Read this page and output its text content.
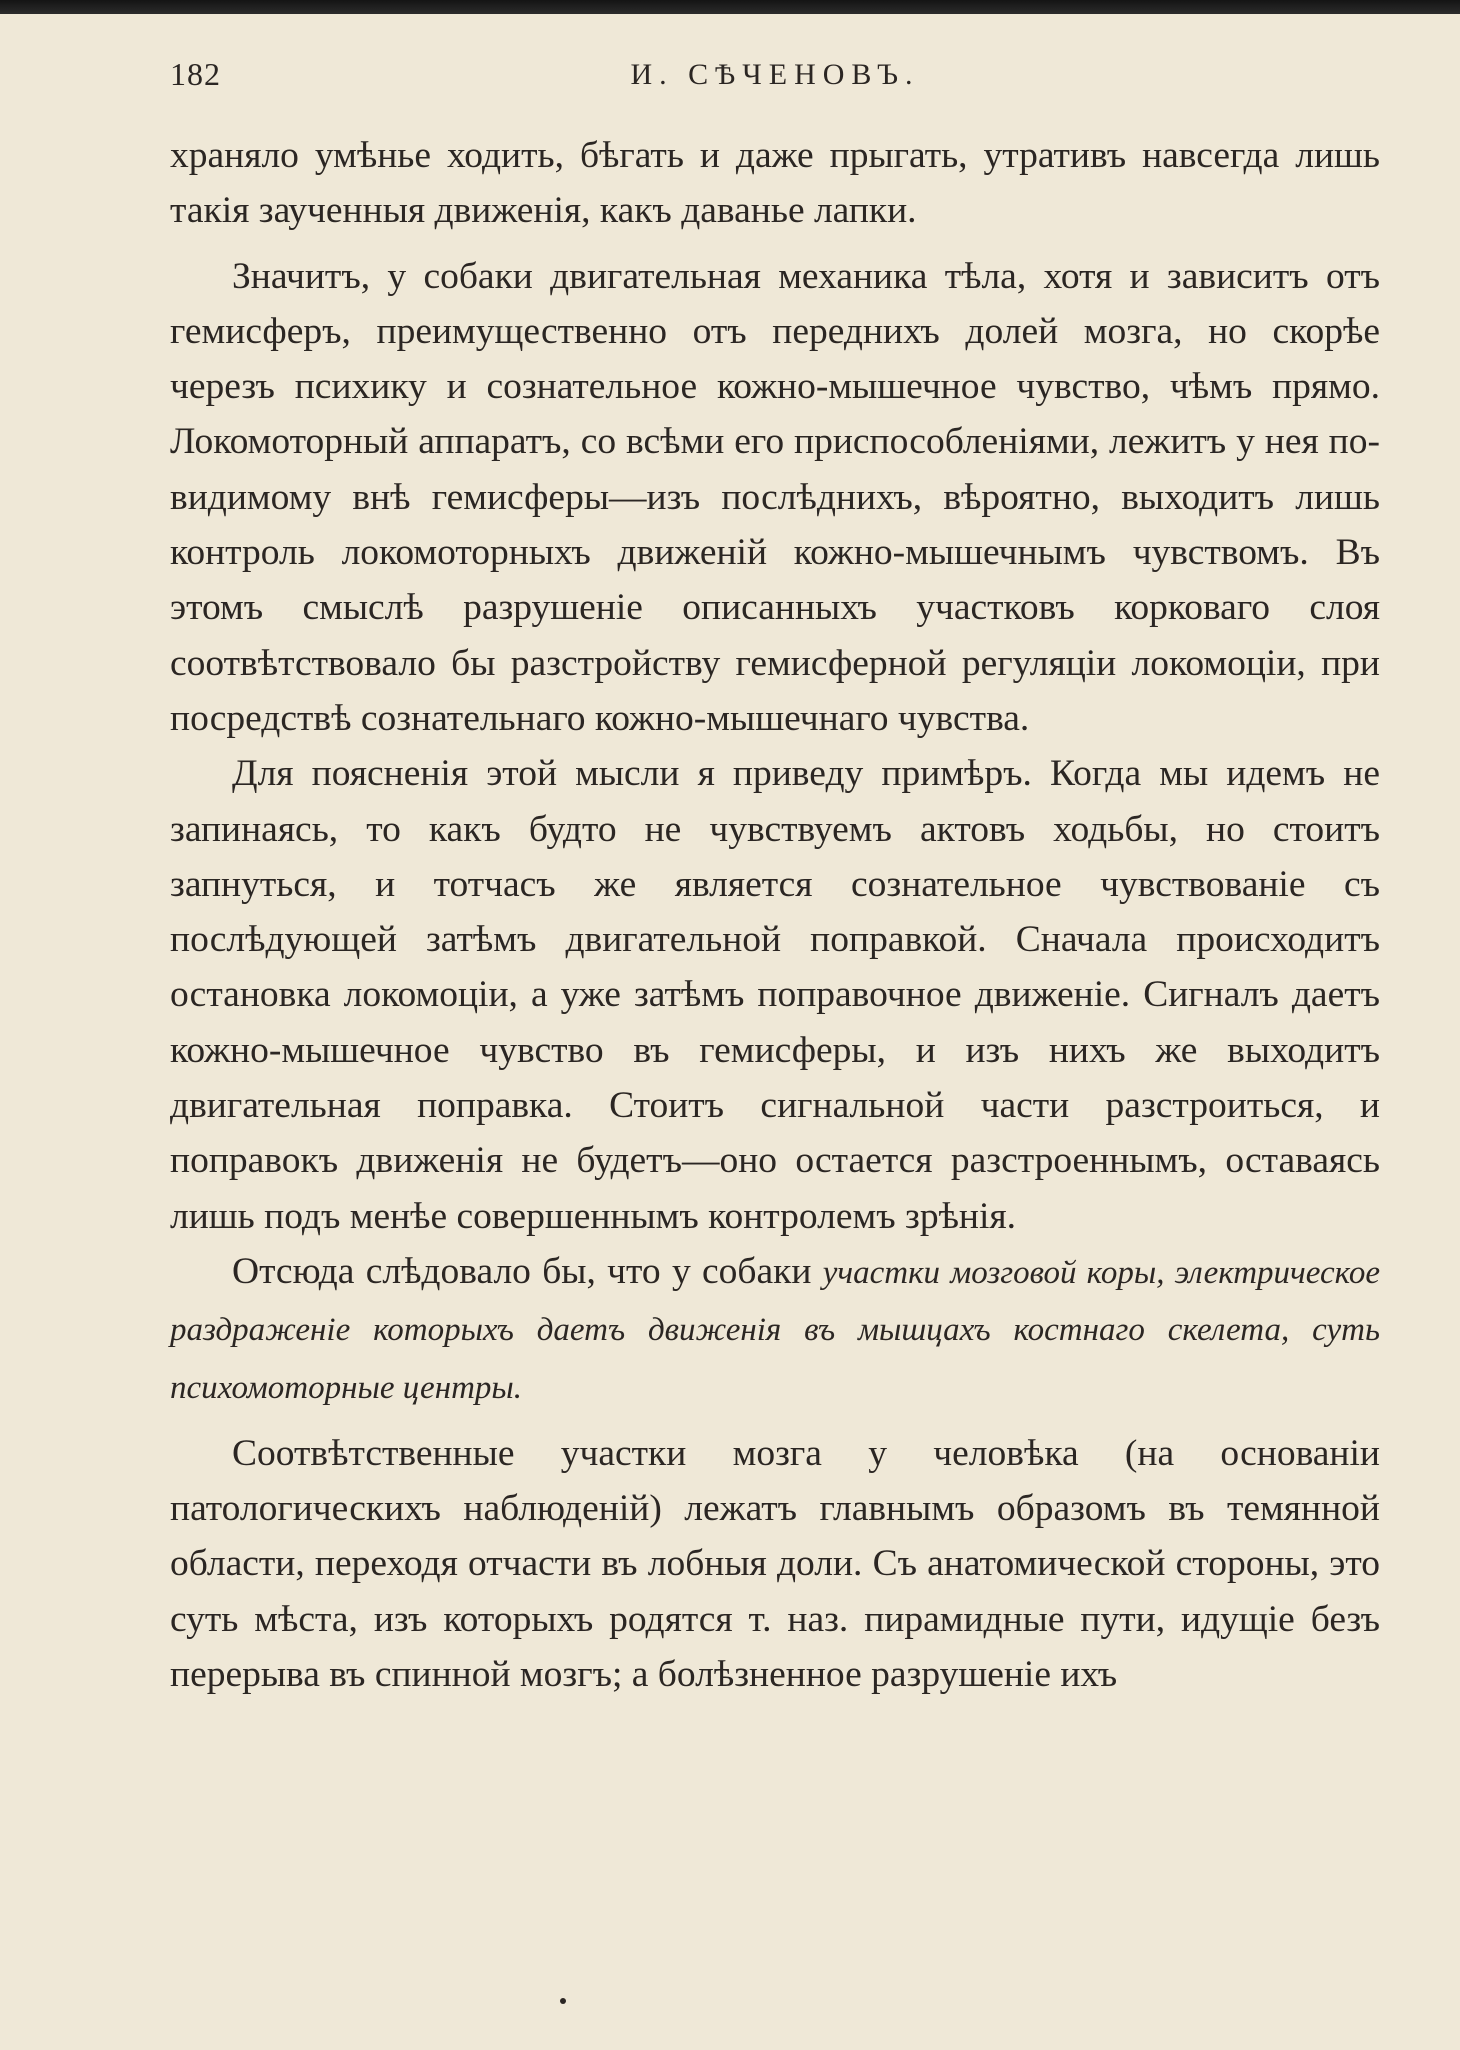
182	И. СѢЧЕНОВЪ.

храняло умѣнье ходить, бѣгать и даже прыгать, утративъ навсегда лишь такія заученныя движенія, какъ даванье лапки.

Значитъ, у собаки двигательная механика тѣла, хотя и зависитъ отъ гемисферъ, преимущественно отъ переднихъ долей мозга, но скорѣе черезъ психику и сознательное кожно-мышечное чувство, чѣмъ прямо. Локомоторный аппаратъ, со всѣми его приспособленіями, лежитъ у нея по-видимому внѣ гемисферы—изъ послѣднихъ, вѣроятно, выходитъ лишь контроль локомоторныхъ движеній кожно-мышечнымъ чувствомъ. Въ этомъ смыслѣ разрушеніе описанныхъ участковъ корковаго слоя соотвѣтствовало бы разстройству гемисферной регуляціи локомоціи, при посредствѣ сознательнаго кожно-мышечнаго чувства.

Для поясненія этой мысли я приведу примѣръ. Когда мы идемъ не запинаясь, то какъ будто не чувствуемъ актовъ ходьбы, но стоитъ запнуться, и тотчасъ же является сознательное чувствованіе съ послѣдующей затѣмъ двигательной поправкой. Сначала происходитъ остановка локомоціи, а уже затѣмъ поправочное движеніе. Сигналъ даетъ кожно-мышечное чувство въ гемисферы, и изъ нихъ же выходитъ двигательная поправка. Стоитъ сигнальной части разстроиться, и поправокъ движенія не будетъ—оно остается разстроеннымъ, оставаясь лишь подъ менѣе совершеннымъ контролемъ зрѣнія.

Отсюда слѣдовало бы, что у собаки участки мозговой коры, электрическое раздраженіе которыхъ даетъ движенія въ мышцахъ костнаго скелета, суть психомоторные центры.

Соотвѣтственные участки мозга у человѣка (на основаніи патологическихъ наблюденій) лежатъ главнымъ образомъ въ темянной области, переходя отчасти въ лобныя доли. Съ анатомической стороны, это суть мѣста, изъ которыхъ родятся т. наз. пирамидные пути, идущіе безъ перерыва въ спинной мозгъ; а болѣзненное разрушеніе ихъ
